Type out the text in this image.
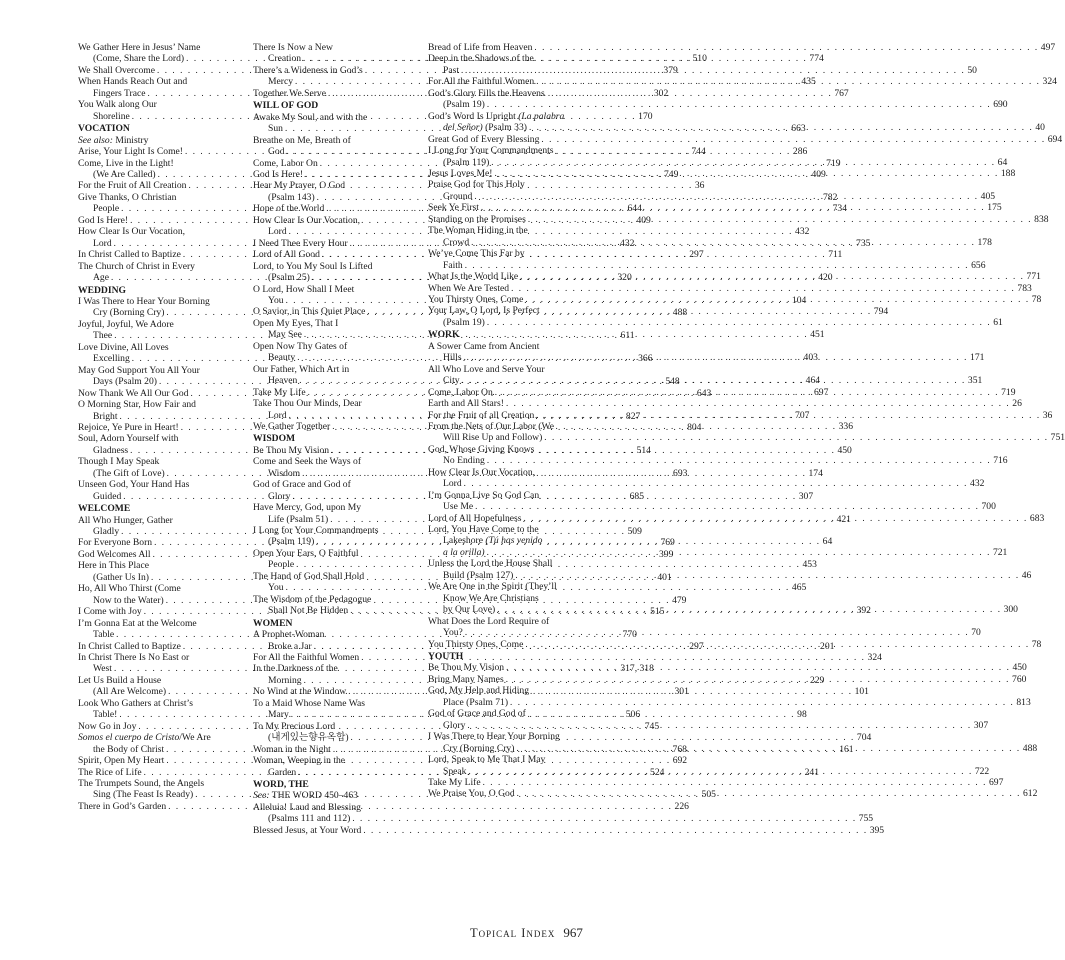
We Gather Here in Jesus’ Name
(Come, Share the Lord) . . .	510
We Shall Overcome . . .	379
When Hands Reach Out and
Fingers Trace . . .	302
You Walk along Our
Shoreline . . .	170
VOCATION
See also: Ministry
Arise, Your Light Is Come! . . .	744
Come, Live in the Light!
(We Are Called) . . .	749
For the Fruit of All Creation . . .	36
Give Thanks, O Christian
People . . .	644
God Is Here! . . .	409
How Clear Is Our Vocation,
Lord . . .	432
In Christ Called to Baptize . . .	297
The Church of Christ in Every
Age . . .	320
WEDDING
I Was There to Hear Your Borning
Cry (Borning Cry) . . .	488
Joyful, Joyful, We Adore
Thee . . .	611
Love Divine, All Loves
Excelling . . .	366
May God Support You All Your
Days (Psalm 20) . . .	548
Now Thank We All Our God . . .	643
O Morning Star, How Fair and
Bright . . .	827
Rejoice, Ye Pure in Heart! . . .	804
Soul, Adorn Yourself with
Gladness . . .	514
Though I May Speak
(The Gift of Love) . . .	693
Unseen God, Your Hand Has
Guided . . .	685
WELCOME
All Who Hunger, Gather
Gladly . . .	509
For Everyone Born . . .	769
God Welcomes All . . .	399
Here in This Place
(Gather Us In) . . .	401
Ho, All Who Thirst (Come
Now to the Water) . . .	479
I Come with Joy . . .	515
I’m Gonna Eat at the Welcome
Table . . .	770
In Christ Called to Baptize . . .	297
In Christ There Is No East or
West . . .	317, 318
Let Us Build a House
(All Are Welcome) . . .	301
Look Who Gathers at Christ’s
Table! . . .	506
Now Go in Joy . . .	745
Somos el cuerpo de Cristo/We Are
the Body of Christ . . .	768
Spirit, Open My Heart . . .	692
The Rice of Life . . .	524
The Trumpets Sound, the Angels
Sing (The Feast Is Ready) . . .	505
There in God’s Garden . . .	226
There Is Now a New
Creation . . .	774
There’s a Wideness in God’s
Mercy . . .	435
Together We Serve . . .	767
WILL OF GOD
Awake My Soul, and with the
Sun . . .	663
Breathe on Me, Breath of
God . . .	286
Come, Labor On . . .	719
God Is Here! . . .	409
Hear My Prayer, O God
(Psalm 143) . . .	782
Hope of the World . . .	734
How Clear Is Our Vocation,
Lord . . .	432
I Need Thee Every Hour . . .	735
Lord of All Good . . .	711
Lord, to You My Soul Is Lifted
(Psalm 25) . . .	420
O Lord, How Shall I Meet
You . . .	104
O Savior, in This Quiet Place . . .	794
Open My Eyes, That I
May See . . .	451
Open Now Thy Gates of
Beauty . . .	403
Our Father, Which Art in
Heaven . . .	464
Take My Life . . .	697
Take Thou Our Minds, Dear
Lord . . .	707
We Gather Together . . .	336
WISDOM
Be Thou My Vision . . .	450
Come and Seek the Ways of
Wisdom . . .	174
God of Grace and God of
Glory . . .	307
Have Mercy, God, upon My
Life (Psalm 51) . . .	421
I Long for Your Commandments
(Psalm 119) . . .	64
Open Your Ears, O Faithful
People . . .	453
The Hand of God Shall Hold
You . . .	465
The Wisdom of the Pedagogue
Shall Not Be Hidden . . .	392
WOMEN
A Prophet-Woman
Broke a Jar . . .	201
For All the Faithful Women . . .	324
In the Darkness of the
Morning . . .	229
No Wind at the Window . . .	101
To a Maid Whose Name Was
Mary . . .	98
To My Precious Lord
(내게있는향유옥합) . . .	704
Woman in the Night . . .	161
Woman, Weeping in the
Garden . . .	241
WORD, THE
See: THE WORD 450–463
Alleluia! Laud and Blessing
(Psalms 111 and 112) . . .	755
Blessed Jesus, at Your Word . . .	395
Bread of Life from Heaven . . .	497
Deep in the Shadows of the
Past . . .	50
For All the Faithful Women . . .	324
God’s Glory Fills the Heavens
(Psalm 19) . . .	690
God’s Word Is Upright (La palabra
del Señor) (Psalm 33) . . .	40
Great God of Every Blessing . . .	694
I Long for Your Commandments
(Psalm 119) . . .	64
Jesus Loves Me! . . .	188
Praise God for This Holy
Ground . . .	405
Seek Ye First . . .	175
Standing on the Promises . . .	838
The Woman Hiding in the
Crowd . . .	178
We’ve Come This Far by
Faith . . .	656
What Is the World Like . . .	771
When We Are Tested . . .	783
You Thirsty Ones, Come . . .	78
Your Law, O Lord, Is Perfect
(Psalm 19) . . .	61
WORK
A Sower Came from Ancient
Hills . . .	171
All Who Love and Serve Your
City . . .	351
Come, Labor On . . .	719
Earth and All Stars! . . .	26
For the Fruit of all Creation . . .	36
From the Nets of Our Labor (We
Will Rise Up and Follow) . . .	751
God, Whose Giving Knows
No Ending . . .	716
How Clear Is Our Vocation,
Lord . . .	432
I’m Gonna Live So God Can
Use Me . . .	700
Lord of All Hopefulness . . .	683
Lord, You Have Come to the
Lakeshore (Tú has venido
a la orilla) . . .	721
Unless the Lord the House Shall
Build (Psalm 127) . . .	46
We Are One in the Spirit (They’ll
Know We Are Christians
by Our Love) . . .	300
What Does the Lord Require of
You? . . .	70
You Thirsty Ones, Come . . .	78
YOUTH
Be Thou My Vision . . .	450
Bring Many Names . . .	760
God, My Help and Hiding
Place (Psalm 71) . . .	813
God of Grace and God of
Glory . . .	307
I Was There to Hear Your Borning
Cry (Borning Cry) . . .	488
Lord, Speak to Me That I May
Speak . . .	722
Take My Life . . .	697
We Praise You, O God . . .	612
Topical Index 967
